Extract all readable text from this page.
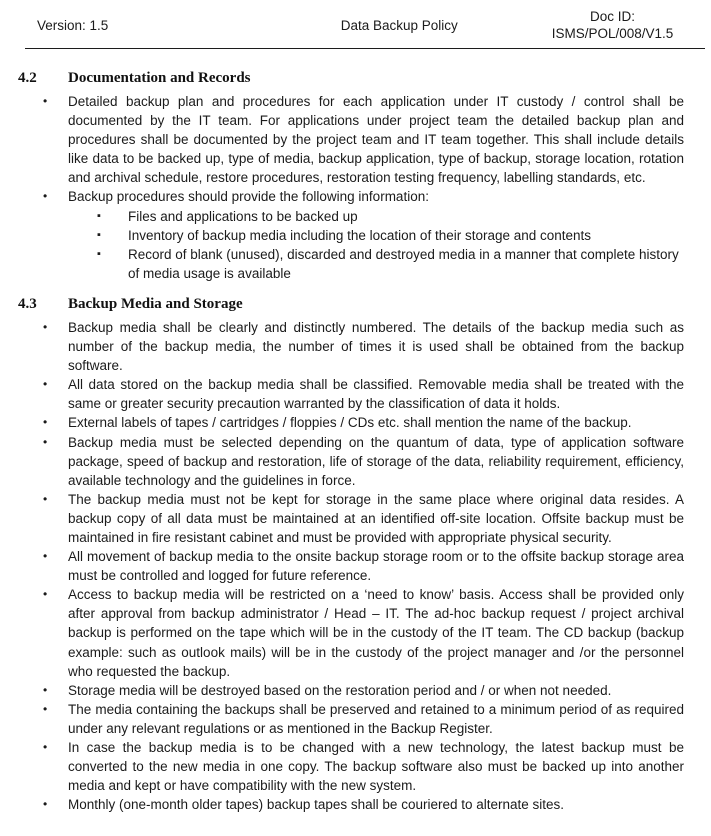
Version: 1.5	Data Backup Policy
Doc ID:
ISMS/POL/008/V1.5
4.2	Documentation and Records
•	Detailed backup plan and procedures for each application under IT custody / control shall be documented by the IT team. For applications under project team the detailed backup plan and procedures shall be documented by the project team and IT team together. This shall include details like data to be backed up, type of media, backup application, type of backup, storage location, rotation and archival schedule, restore procedures, restoration testing frequency, labelling standards, etc.
•	Backup procedures should provide the following information:
▪	Files and applications to be backed up
▪	Inventory of backup media including the location of their storage and contents
▪	Record of blank (unused), discarded and destroyed media in a manner that complete history of media usage is available
4.3	Backup Media and Storage
•	Backup media shall be clearly and distinctly numbered. The details of the backup media such as number of the backup media, the number of times it is used shall be obtained from the backup software.
•	All data stored on the backup media shall be classified. Removable media shall be treated with the same or greater security precaution warranted by the classification of data it holds.
•	External labels of tapes / cartridges / floppies / CDs etc. shall mention the name of the backup.
•	Backup media must be selected depending on the quantum of data, type of application software package, speed of backup and restoration, life of storage of the data, reliability requirement, efficiency, available technology and the guidelines in force.
•	The backup media must not be kept for storage in the same place where original data resides. A backup copy of all data must be maintained at an identified off-site location. Offsite backup must be maintained in fire resistant cabinet and must be provided with appropriate physical security.
•	All movement of backup media to the onsite backup storage room or to the offsite backup storage area must be controlled and logged for future reference.
•	Access to backup media will be restricted on a ‘need to know’ basis. Access shall be provided only after approval from backup administrator / Head – IT. The ad-hoc backup request / project archival backup is performed on the tape which will be in the custody of the IT team. The CD backup (backup example: such as outlook mails) will be in the custody of the project manager and /or the personnel who requested the backup.
•	Storage media will be destroyed based on the restoration period and / or when not needed.
•	The media containing the backups shall be preserved and retained to a minimum period of as required under any relevant regulations or as mentioned in the Backup Register.
•	In case the backup media is to be changed with a new technology, the latest backup must be converted to the new media in one copy. The backup software also must be backed up into another media and kept or have compatibility with the new system.
•	Monthly (one-month older tapes) backup tapes shall be couriered to alternate sites.
